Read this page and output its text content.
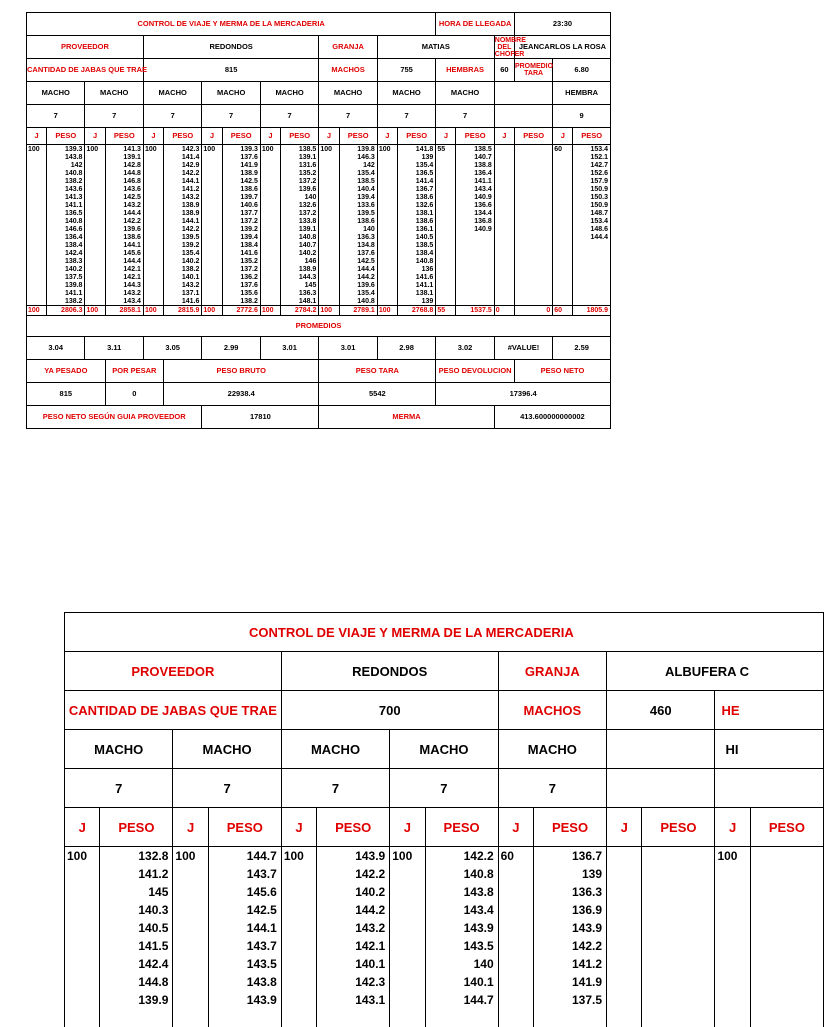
CONTROL DE VIAJE Y MERMA DE LA MERCADERIA														HORA DE LLEGADA			23:30		
PROVEEDOR				REDONDOS						GRANJA		MATIAS				NOMBRE DEL CHOFER	JEANCARLOS LA ROSA		
CANTIDAD DE JABAS QUE TRAE				815						MACHOS		755		HEMBRAS		60	PROMEDIO TARA	6.80	
MACHO		MACHO		MACHO		MACHO		MACHO		MACHO		MACHO		MACHO				HEMBRA	
7		7		7		7		7		7		7		7				9	
J	PESO	J	PESO	J	PESO	J	PESO	J	PESO	J	PESO	J	PESO	J	PESO	J	PESO	J	PESO
100	139.3	100	141.3	100	142.3	100	139.3	100	138.5	100	139.8	100	141.8	55	138.5			60	153.4
	143.8		139.1		141.4		137.6		139.1		146.3		139		140.7				152.1
	142		142.8		142.9		141.9		131.6		142		135.4		138.8				142.7
	140.8		144.8		142.2		138.9		135.2		135.4		136.5		136.4				152.6
	138.2		146.8		144.1		142.5		137.2		138.5		141.4		141.1				157.9
	143.6		143.6		141.2		138.6		139.6		140.4		136.7		143.4				150.9
	141.3		142.5		143.2		139.7		140		139.4		138.6		140.9				150.3
	141.1		143.2		138.9		140.6		132.6		133.6		132.6		136.6				150.9
	136.5		144.4		138.9		137.7		137.2		139.5		138.1		134.4				148.7
	140.8		142.2		144.1		137.2		133.8		138.6		138.6		136.8				153.4
	146.6		139.6		142.2		139.2		139.1		140		136.1		140.9				148.6
	136.4		138.6		139.5		139.4		140.8		136.3		140.5						144.4
	138.4		144.1		139.2		138.4		140.7		134.8		138.5						
	142.4		145.6		135.4		141.6		140.2		137.6		138.4						
	138.3		144.4		140.2		135.2		146		142.5		140.8						
	140.2		142.1		138.2		137.2		138.9		144.4		136						
	137.5		142.1		140.1		136.2		144.3		144.2		141.6						
	139.8		144.3		143.2		137.6		145		139.6		141.1						
	141.1		143.2		137.1		135.6		136.3		135.4		138.1						
	138.2		143.4		141.6		138.2		148.1		140.8		139						
100	2806.3	100	2858.1	100	2815.9	100	2772.6	100	2784.2	100	2789.1	100	2768.8	55	1537.5	0	0	60	1805.9
PROMEDIOS																			
3.04		3.11		3.05		2.99		3.01		3.01		2.98		3.02		#VALUE!		2.59	
YA PESADO			POR PESAR		PESO BRUTO					PESO TARA				PESO DEVOLUCION			PESO NETO		
815			0		22938.4					5542				17396.4					
PESO NETO SEGÚN GUIA PROVEEDOR						17810				MERMA						413.600000000002			
CONTROL DE VIAJE Y MERMA DE LA MERCADERIA													
PROVEEDOR				REDONDOS				GRANJA		ALBUFERA C			
CANTIDAD DE JABAS QUE TRAE				700				MACHOS		460		HE	
MACHO		MACHO		MACHO		MACHO		MACHO				HI	
7		7		7		7		7					
J	PESO	J	PESO	J	PESO	J	PESO	J	PESO	J	PESO	J	PESO
100	132.8	100	144.7	100	143.9	100	142.2	60	136.7			100	
	141.2		143.7		142.2		140.8		139				
	145		145.6		140.2		143.8		136.3				
	140.3		142.5		144.2		143.4		136.9				
	140.5		144.1		143.2		143.9		143.9				
	141.5		143.7		142.1		143.5		142.2				
	142.4		143.5		140.1		140		141.2				
	144.8		143.8		142.3		140.1		141.9				
	139.9		143.9		143.1		144.7		137.5				
